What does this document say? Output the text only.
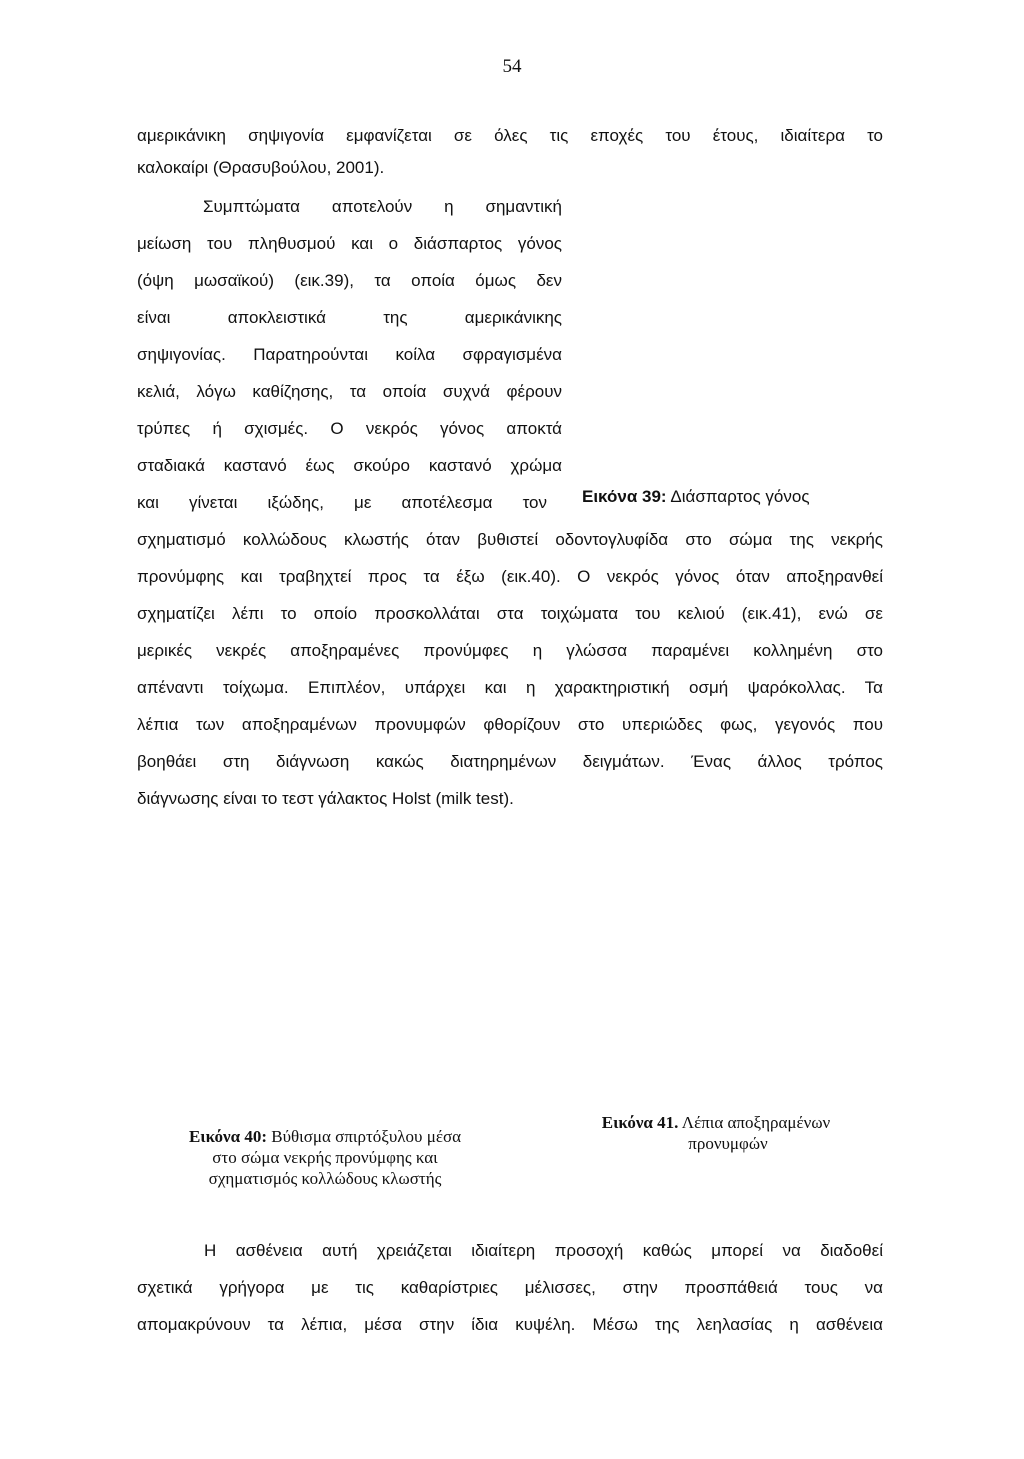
54
αμερικάνικη σηψιγονία εμφανίζεται σε όλες τις εποχές του έτους, ιδιαίτερα το
καλοκαίρι (Θρασυβούλου, 2001).
Συμπτώματα αποτελούν η σημαντική
μείωση του πληθυσμού και ο διάσπαρτος γόνος
(όψη μωσαϊκού) (εικ.39), τα οποία όμως δεν
είναι αποκλειστικά της αμερικάνικης
σηψιγονίας. Παρατηρούνται κοίλα σφραγισμένα
κελιά, λόγω καθίζησης, τα οποία συχνά φέρουν
τρύπες ή σχισμές. Ο νεκρός γόνος αποκτά
σταδιακά καστανό έως σκούρο καστανό χρώμα
και γίνεται ιξώδης, με αποτέλεσμα τον Εικόνα 39: Διάσπαρτος γόνος
σχηματισμό κολλώδους κλωστής όταν βυθιστεί οδοντογλυφίδα στο σώμα της νεκρής
προνύμφης και τραβηχτεί προς τα έξω (εικ.40). Ο νεκρός γόνος όταν αποξηρανθεί
σχηματίζει λέπι το οποίο προσκολλάται στα τοιχώματα του κελιού (εικ.41), ενώ σε
μερικές νεκρές αποξηραμένες προνύμφες η γλώσσα παραμένει κολλημένη στο
απέναντι τοίχωμα. Επιπλέον, υπάρχει και η χαρακτηριστική οσμή ψαρόκολλας. Τα
λέπια των αποξηραμένων προνυμφών φθορίζουν στο υπεριώδες φως, γεγονός που
βοηθάει στη διάγνωση κακώς διατηρημένων δειγμάτων. Ένας άλλος τρόπος
διάγνωσης είναι το τεστ γάλακτος Holst (milk test).
Εικόνα 40: Βύθισμα σπιρτόξυλου μέσα
στο σώμα νεκρής προνύμφης και
σχηματισμός κολλώδους κλωστής
Εικόνα 41. Λέπια αποξηραμένων
προνυμφών
Η ασθένεια αυτή χρειάζεται ιδιαίτερη προσοχή καθώς μπορεί να διαδοθεί
σχετικά γρήγορα με τις καθαρίστριες μέλισσες, στην προσπάθειά τους να
απομακρύνουν τα λέπια, μέσα στην ίδια κυψέλη. Μέσω της λεηλασίας η ασθένεια
